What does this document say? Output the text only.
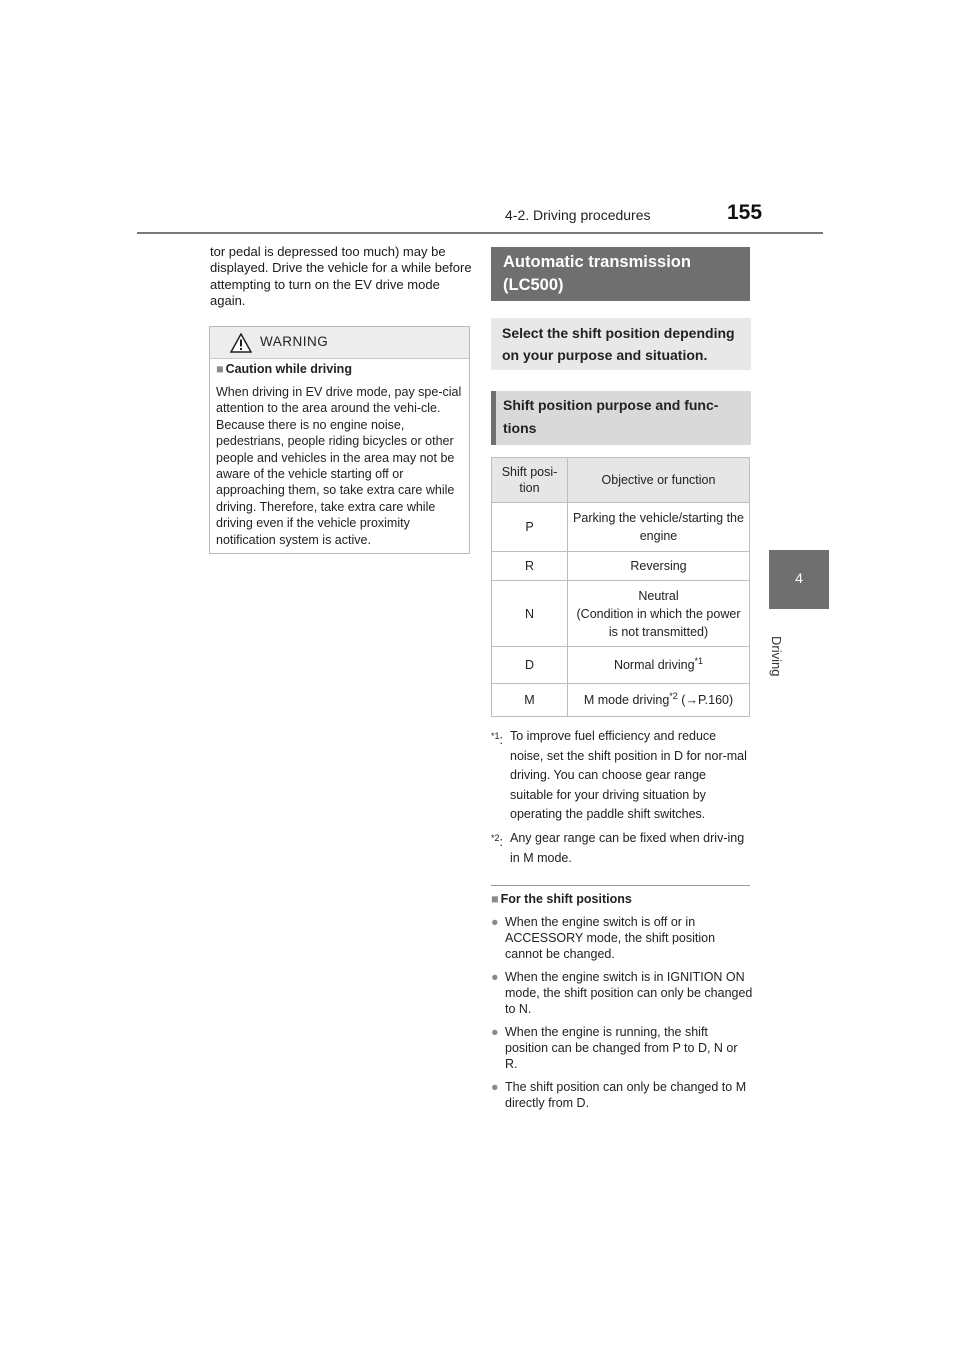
4-2. Driving procedures	155
4
Driving
tor pedal is depressed too much) may be displayed. Drive the vehicle for a while before attempting to turn on the EV drive mode again.
WARNING
■ Caution while driving
When driving in EV drive mode, pay spe-cial attention to the area around the vehi-cle. Because there is no engine noise, pedestrians, people riding bicycles or other people and vehicles in the area may not be aware of the vehicle starting off or approaching them, so take extra care while driving. Therefore, take extra care while driving even if the vehicle proximity notification system is active.
Automatic transmission (LC500)
Select the shift position depending on your purpose and situation.
Shift position purpose and func-tions
Shift posi-tion	Objective or function
P	Parking the vehicle/starting the engine
R	Reversing
N	Neutral
(Condition in which the power is not transmitted)

D	Normal driving$^{*1}$
M	M mode driving$^{*2}$ (→P.160)
$^{*1}$: To improve fuel efficiency and reduce noise, set the shift position in D for nor-mal driving. You can choose gear range suitable for your driving situation by operating the paddle shift switches.
$^{*2}$: Any gear range can be fixed when driv-ing in M mode.
■ For the shift positions
● When the engine switch is off or in ACCESSORY mode, the shift position cannot be changed.
● When the engine switch is in IGNITION ON mode, the shift position can only be changed to N.
● When the engine is running, the shift position can be changed from P to D, N or R.
● The shift position can only be changed to M directly from D.
